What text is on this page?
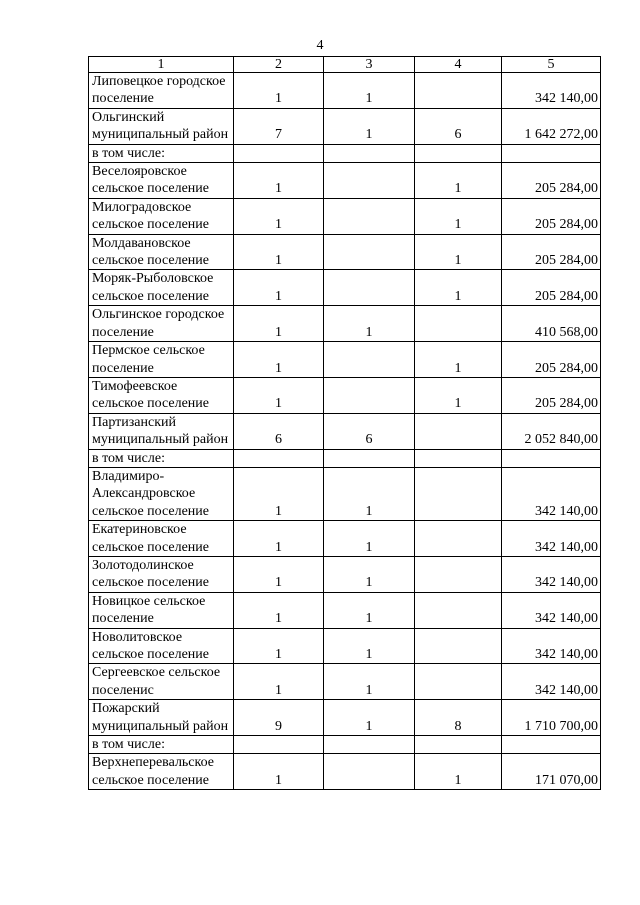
4
1	2	3	4	5
Липовецкое городское поселение	1	1		342 140,00
Ольгинский муниципальный район	7	1	6	1 642 272,00
в том числе:				
Веселояровское сельское поселение	1		1	205 284,00
Милоградовское сельское поселение	1		1	205 284,00
Молдавановское сельское поселение	1		1	205 284,00
Моряк-Рыболовское сельское поселение	1		1	205 284,00
Ольгинское городское поселение	1	1		410 568,00
Пермское сельское поселение	1		1	205 284,00
Тимофеевское сельское поселение	1		1	205 284,00
Партизанский муниципальный район	6	6		2 052 840,00
в том числе:				
Владимиро-Александровское сельское поселение	1	1		342 140,00
Екатериновское сельское поселение	1	1		342 140,00
Золотодолинское сельское поселение	1	1		342 140,00
Новицкое сельское поселение	1	1		342 140,00
Новолитовское сельское поселение	1	1		342 140,00
Сергеевское сельское поселенис	1	1		342 140,00
Пожарский муниципальный район	9	1	8	1 710 700,00
в том числе:				
Верхнеперевальское сельское поселение	1		1	171 070,00
